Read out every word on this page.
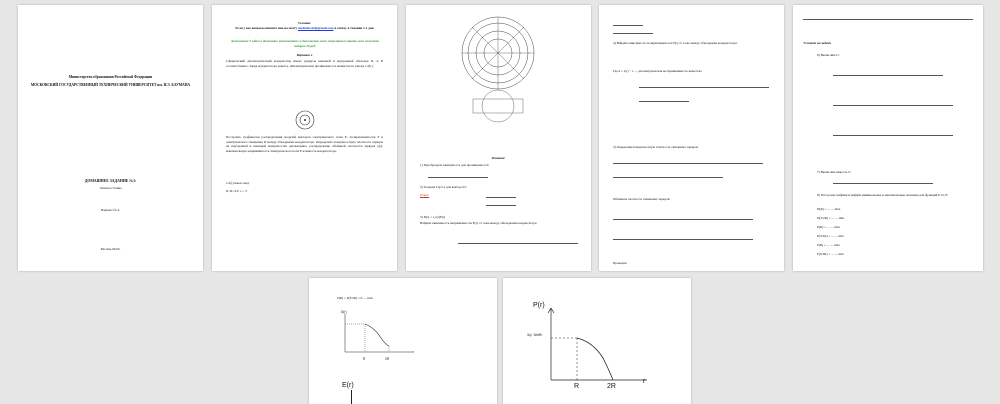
Министерство образования Российской Федерации
МОСКОВСКИЙ ГОСУДАРСТВЕННЫЙ ТЕХНИЧЕСКИЙ УНИВЕРСИТЕТ им. Н.Э. БАУМАНА
ДОМАШНЕЕ ЗАДАНИЕ №1:
Электростатика
Вариант № 4.
Москва,2022г.
Условие:
Если у вас вопросы пишите мне на почту studiohw.help@mail.com я отвечу в течении 1-1 дня
Дополнение 5 задач о домашних компонентах и дополнение моих стрелянием знаете, нам получите подарок 20 руб.
Вариант 4
Сферический диэлектрический конденсатор имеет радиусы внешней и внутренней обкладок R₁ и R соответственно. Заряд конденсатора равен q. Диэлектрическая проницаемость меняется по закону ε=f(r).
Построить графически распределения модулей векторов электрического поля E, поляризованности P и электрического смещения D между обкладками конденсатора. Определить поверхностную плотность зарядов на внутренней и внешней поверхностях диэлектрика, распределение объёмной плотности зарядов ρ(r), максимальную напряжённость электрического поля E и ёмкость конденсатора.
ε=f(r) имеет вид:
R₁/R=3/2, ε = 3
Решение:
1) Преобразуем зависимость для проницаемости
2) Теорема Гаусса для вектора D:
Ответ:
3) D(r) = ε₀ε(r)E(r)
Найдём зависимость напряжённости E(r) от тоже между обкладками конденсатора:
4) Найдём зависимость поляризованности P(r) от тоже между обкладками конденсатора:
Где k = ε(r) − 1 — диэлектрическая восприимчивость вещества
5) Определим поверхностную плотность связанных зарядов:
Объёмная плотность связанных зарядов:
Проверка:
⇒ ответ на задачи
6) Вычислим U:
7) Вычислим ёмкость С:
8) Построим графики и найдём минимальные и максимальные значения для функций P, D, E:
D(R) = ... — max
D(3/2R) = ... — min
E(R) = ... — max
E(3/2R) = ... — min
P(R) = ... — max
P(3/2R) = ... — min
P(R) = P(3/2R) = 0 — max
D(r)
R	2R
r
E(r)
P(r)
3q / 16πR²
R	2R
r
